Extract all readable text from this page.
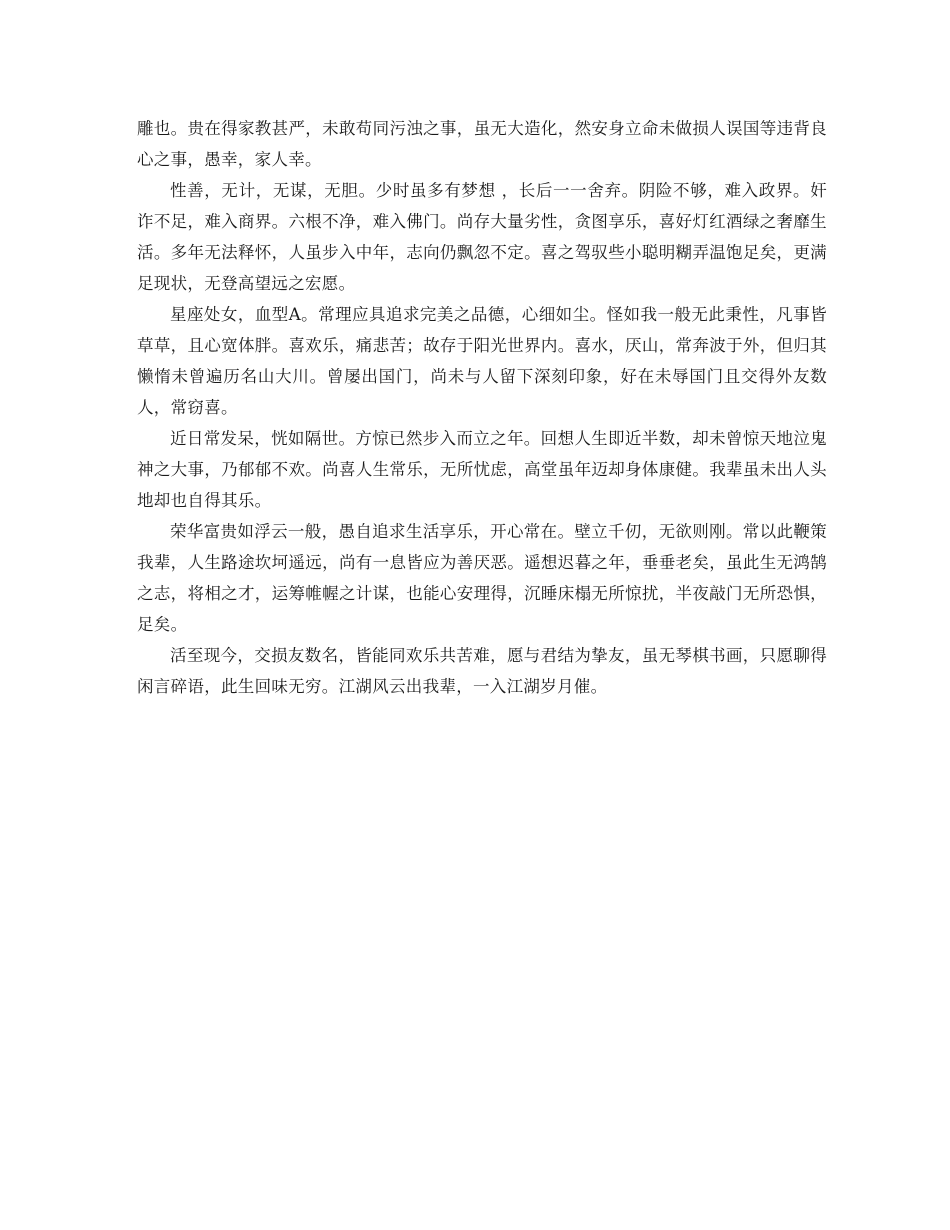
雕也。贵在得家教甚严，未敢苟同污浊之事，虽无大造化，然安身立命未做损人误国等违背良心之事，愚幸，家人幸。

性善，无计，无谋，无胆。少时虽多有梦想 ，长后一一舍弃。阴险不够，难入政界。奸诈不足，难入商界。六根不净，难入佛门。尚存大量劣性，贪图享乐，喜好灯红酒绿之奢靡生活。多年无法释怀，人虽步入中年，志向仍飘忽不定。喜之驾驭些小聪明糊弄温饱足矣，更满足现状，无登高望远之宏愿。

星座处女，血型A。常理应具追求完美之品德，心细如尘。怪如我一般无此秉性，凡事皆草草，且心宽体胖。喜欢乐，痛悲苦；故存于阳光世界内。喜水，厌山，常奔波于外，但归其懒惰未曾遍历名山大川。曾屡出国门，尚未与人留下深刻印象，好在未辱国门且交得外友数人，常窃喜。

近日常发呆，恍如隔世。方惊已然步入而立之年。回想人生即近半数，却未曾惊天地泣鬼神之大事，乃郁郁不欢。尚喜人生常乐，无所忧虑，高堂虽年迈却身体康健。我辈虽未出人头地却也自得其乐。

荣华富贵如浮云一般，愚自追求生活享乐，开心常在。壁立千仞，无欲则刚。常以此鞭策我辈，人生路途坎坷遥远，尚有一息皆应为善厌恶。遥想迟暮之年，垂垂老矣，虽此生无鸿鹄之志，将相之才，运筹帷幄之计谋，也能心安理得，沉睡床榻无所惊扰，半夜敲门无所恐惧，足矣。

活至现今，交损友数名，皆能同欢乐共苦难，愿与君结为挚友，虽无琴棋书画，只愿聊得闲言碎语，此生回味无穷。江湖风云出我辈，一入江湖岁月催。
